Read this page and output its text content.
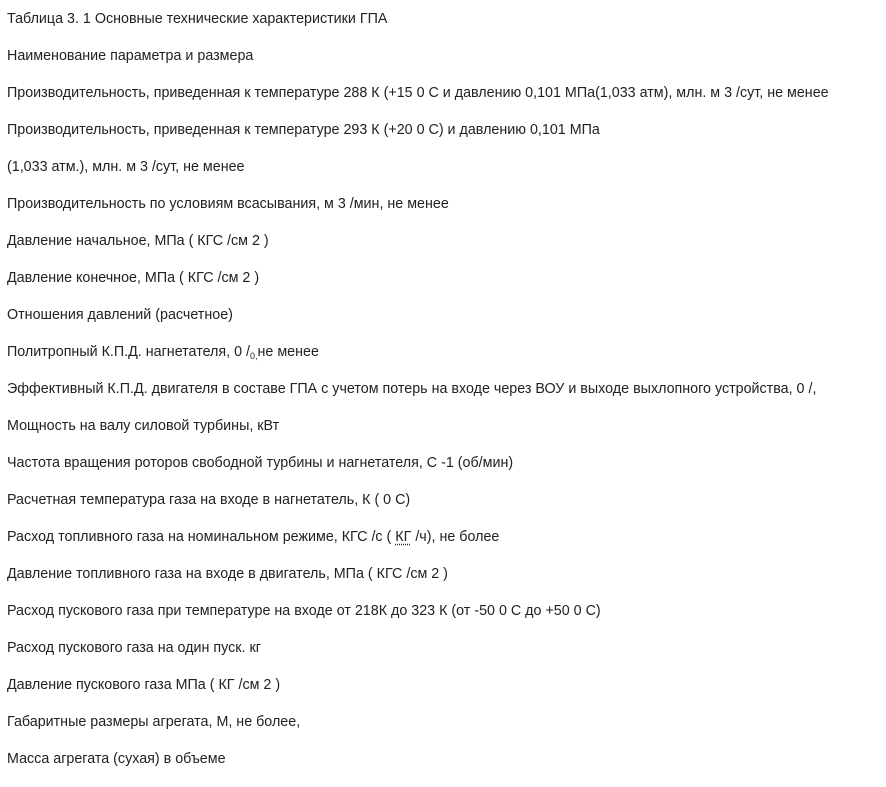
Таблица 3. 1 Основные технические характеристики ГПА
Наименование параметра и размера
Производительность, приведенная к температуре 288 К (+15 0 С и давлению 0,101 МПа(1,033 атм), млн. м 3 /сут, не менее
Производительность, приведенная к температуре 293 К (+20 0 С) и давлению 0,101 МПа
(1,033 атм.), млн. м 3 /сут, не менее
Производительность по условиям всасывания, м 3 /мин, не менее
Давление начальное, МПа ( КГС /см 2 )
Давление конечное, МПа ( КГС /см 2 )
Отношения давлений (расчетное)
Политропный К.П.Д. нагнетателя, 0 $/_{0,}не$ менее
Эффективный К.П.Д. двигателя в составе ГПА с учетом потерь на входе через ВОУ и выходе выхлопного устройства, 0 /,
Мощность на валу силовой турбины, кВт
Частота вращения роторов свободной турбины и нагнетателя, С -1 (об/мин)
Расчетная температура газа на входе в нагнетатель, К ( 0 С)
Расход топливного газа на номинальном режиме, КГС /с ( КГ /ч), не более
Давление топливного газа на входе в двигатель, МПа ( КГС /см 2 )
Расход пускового газа при температуре на входе от 218К до 323 К (от -50 0 С до +50 0 С)
Расход пускового газа на один пуск. кг
Давление пускового газа МПа ( КГ /см 2 )
Габаритные размеры агрегата, М, не более,
Масса агрегата (сухая) в объеме
